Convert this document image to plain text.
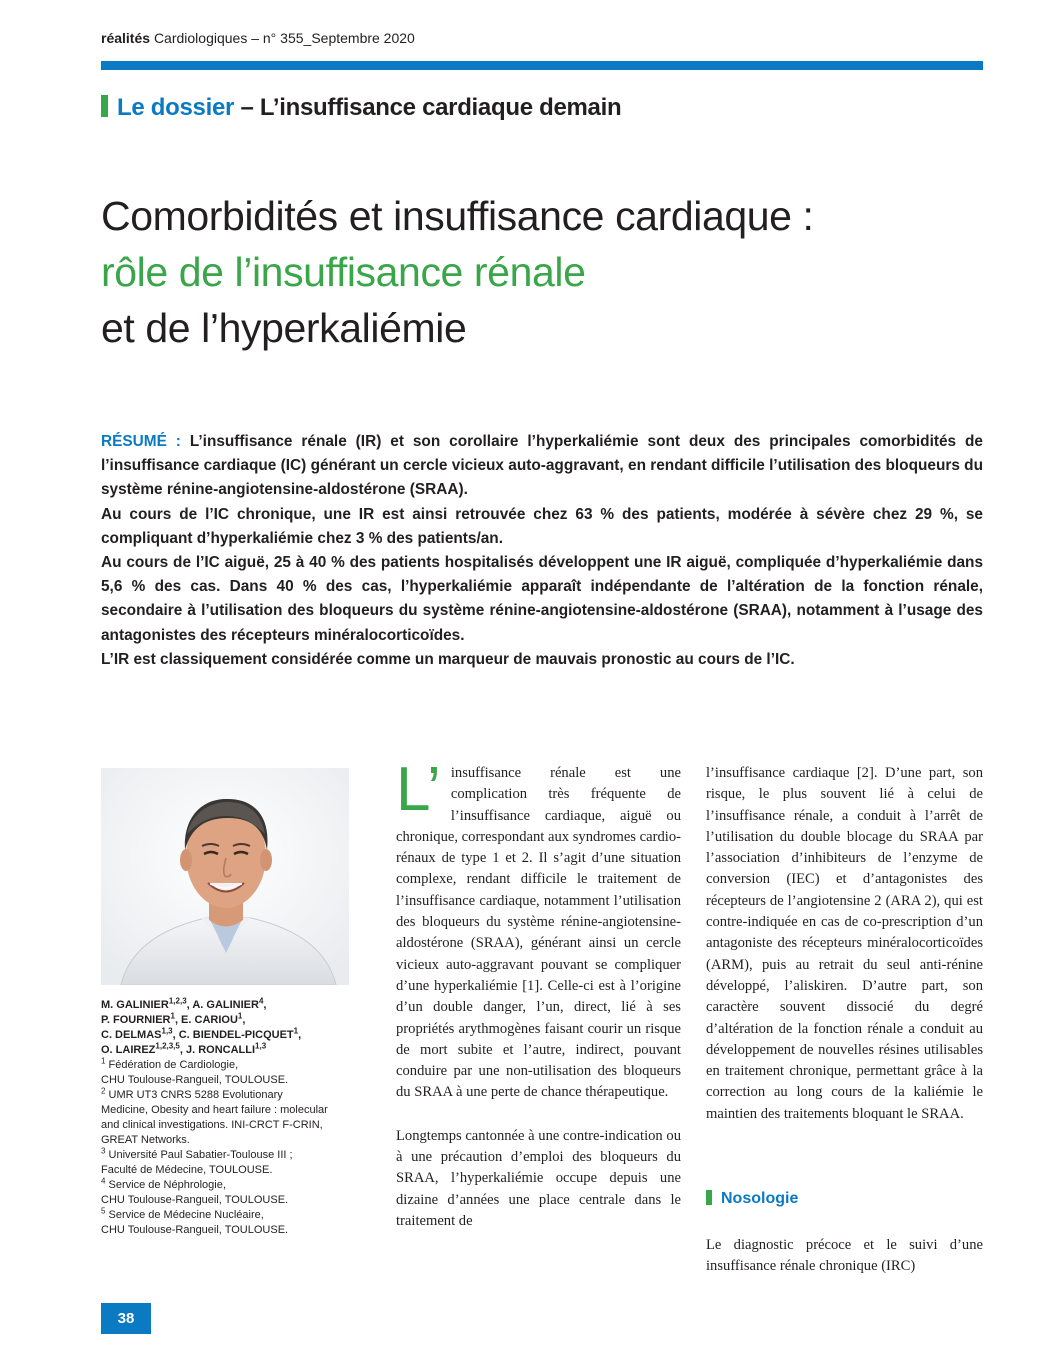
réalités Cardiologiques – n° 355_Septembre 2020
Le dossier – L’insuffisance cardiaque demain
Comorbidités et insuffisance cardiaque :
rôle de l’insuffisance rénale
et de l’hyperkaliémie

RÉSUMÉ : L’insuffisance rénale (IR) et son corollaire l’hyperkaliémie sont deux des principales comorbidités de l’insuffisance cardiaque (IC) générant un cercle vicieux auto-aggravant, en rendant difficile l’utilisation des bloqueurs du système rénine-angiotensine-aldostérone (SRAA).

Au cours de l’IC chronique, une IR est ainsi retrouvée chez 63 % des patients, modérée à sévère chez 29 %, se compliquant d’hyperkaliémie chez 3 % des patients/an.

Au cours de l’IC aiguë, 25 à 40 % des patients hospitalisés développent une IR aiguë, compliquée d’hyperkaliémie dans 5,6 % des cas. Dans 40 % des cas, l’hyperkaliémie apparaît indépendante de l’altération de la fonction rénale, secondaire à l’utilisation des bloqueurs du système rénine-angiotensine-aldostérone (SRAA), notamment à l’usage des antagonistes des récepteurs minéralocorticoïdes.

L’IR est classiquement considérée comme un marqueur de mauvais pronostic au cours de l’IC.

M. GALINIER$^{1,2,3}$, A. GALINIER$^4$,
P. FOURNIER$^1$, E. CARIOU$^1$,
C. DELMAS$^{1,3}$, C. BIENDEL-PICQUET$^1$,
O. LAIREZ$^{1,2,3,5}$, J. RONCALLI$^{1,3}$
$^1$ Fédération de Cardiologie,
CHU Toulouse-Rangueil, TOULOUSE.
$^2$ UMR UT3 CNRS 5288 Evolutionary
Medicine, Obesity and heart failure : molecular
and clinical investigations. INI-CRCT F-CRIN,
GREAT Networks.
$^3$ Université Paul Sabatier-Toulouse III ;
Faculté de Médecine, TOULOUSE.
$^4$ Service de Néphrologie,
CHU Toulouse-Rangueil, TOULOUSE.
$^5$ Service de Médecine Nucléaire,
CHU Toulouse-Rangueil, TOULOUSE.

L’ insuffisance rénale est une complication très fréquente de l’insuffisance cardiaque, aiguë ou chronique, correspondant aux syndromes cardio-rénaux de type 1 et 2. Il s’agit d’une situation complexe, rendant difficile le traitement de l’insuffisance cardiaque, notamment l’utilisation des bloqueurs du système rénine-angiotensine-aldostérone (SRAA), générant ainsi un cercle vicieux auto-aggravant pouvant se compliquer d’une hyperkaliémie [1]. Celle-ci est à l’origine d’un double danger, l’un, direct, lié à ses propriétés arythmogènes faisant courir un risque de mort subite et l’autre, indirect, pouvant conduire par une non-utilisation des bloqueurs du SRAA à une perte de chance thérapeutique.

Longtemps cantonnée à une contre-indication ou à une précaution d’emploi des bloqueurs du SRAA, l’hyperkaliémie occupe depuis une dizaine d’années une place centrale dans le traitement de

l’insuffisance cardiaque [2]. D’une part, son risque, le plus souvent lié à celui de l’insuffisance rénale, a conduit à l’arrêt de l’utilisation du double blocage du SRAA par l’association d’inhibiteurs de l’enzyme de conversion (IEC) et d’antagonistes des récepteurs de l’angiotensine 2 (ARA 2), qui est contre-indiquée en cas de co-prescription d’un antagoniste des récepteurs minéralocorticoïdes (ARM), puis au retrait du seul anti-rénine développé, l’aliskiren. D’autre part, son caractère souvent dissocié du degré d’altération de la fonction rénale a conduit au développement de nouvelles résines utilisables en traitement chronique, permettant grâce à la correction au long cours de la kaliémie le maintien des traitements bloquant le SRAA.

Nosologie

Le diagnostic précoce et le suivi d’une insuffisance rénale chronique (IRC)

38
